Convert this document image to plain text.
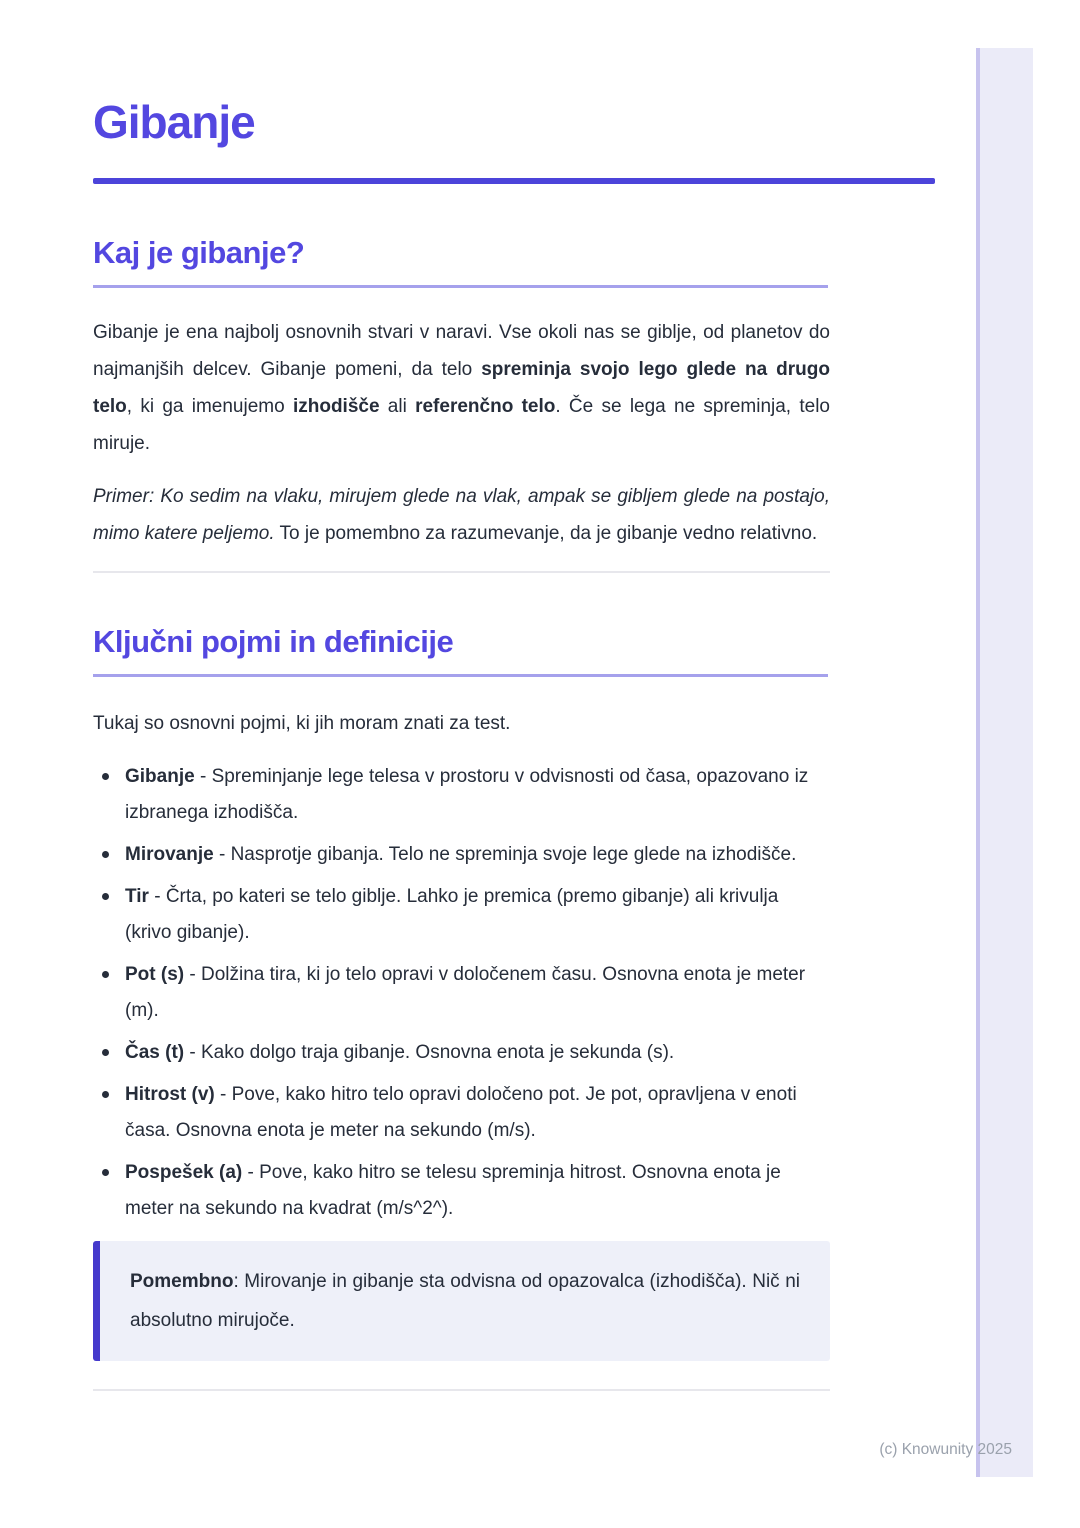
Gibanje
Kaj je gibanje?

Gibanje je ena najbolj osnovnih stvari v naravi. Vse okoli nas se giblje, od planetov do najmanjših delcev. Gibanje pomeni, da telo spreminja svojo lego glede na drugo telo, ki ga imenujemo izhodišče ali referenčno telo. Če se lega ne spreminja, telo miruje.

Primer: Ko sedim na vlaku, mirujem glede na vlak, ampak se gibljem glede na postajo, mimo katere peljemo. To je pomembno za razumevanje, da je gibanje vedno relativno.

Ključni pojmi in definicije

Tukaj so osnovni pojmi, ki jih moram znati za test.

Gibanje - Spreminjanje lege telesa v prostoru v odvisnosti od časa, opazovano iz izbranega izhodišča.
Mirovanje - Nasprotje gibanja. Telo ne spreminja svoje lege glede na izhodišče.
Tir - Črta, po kateri se telo giblje. Lahko je premica (premo gibanje) ali krivulja (krivo gibanje).
Pot (s) - Dolžina tira, ki jo telo opravi v določenem času. Osnovna enota je meter (m).
Čas (t) - Kako dolgo traja gibanje. Osnovna enota je sekunda (s).
Hitrost (v) - Pove, kako hitro telo opravi določeno pot. Je pot, opravljena v enoti časa. Osnovna enota je meter na sekundo (m/s).
Pospešek (a) - Pove, kako hitro se telesu spreminja hitrost. Osnovna enota je meter na sekundo na kvadrat (m/s^2^).

Pomembno: Mirovanje in gibanje sta odvisna od opazovalca (izhodišča). Nič ni absolutno mirujoče.

(c) Knowunity 2025
